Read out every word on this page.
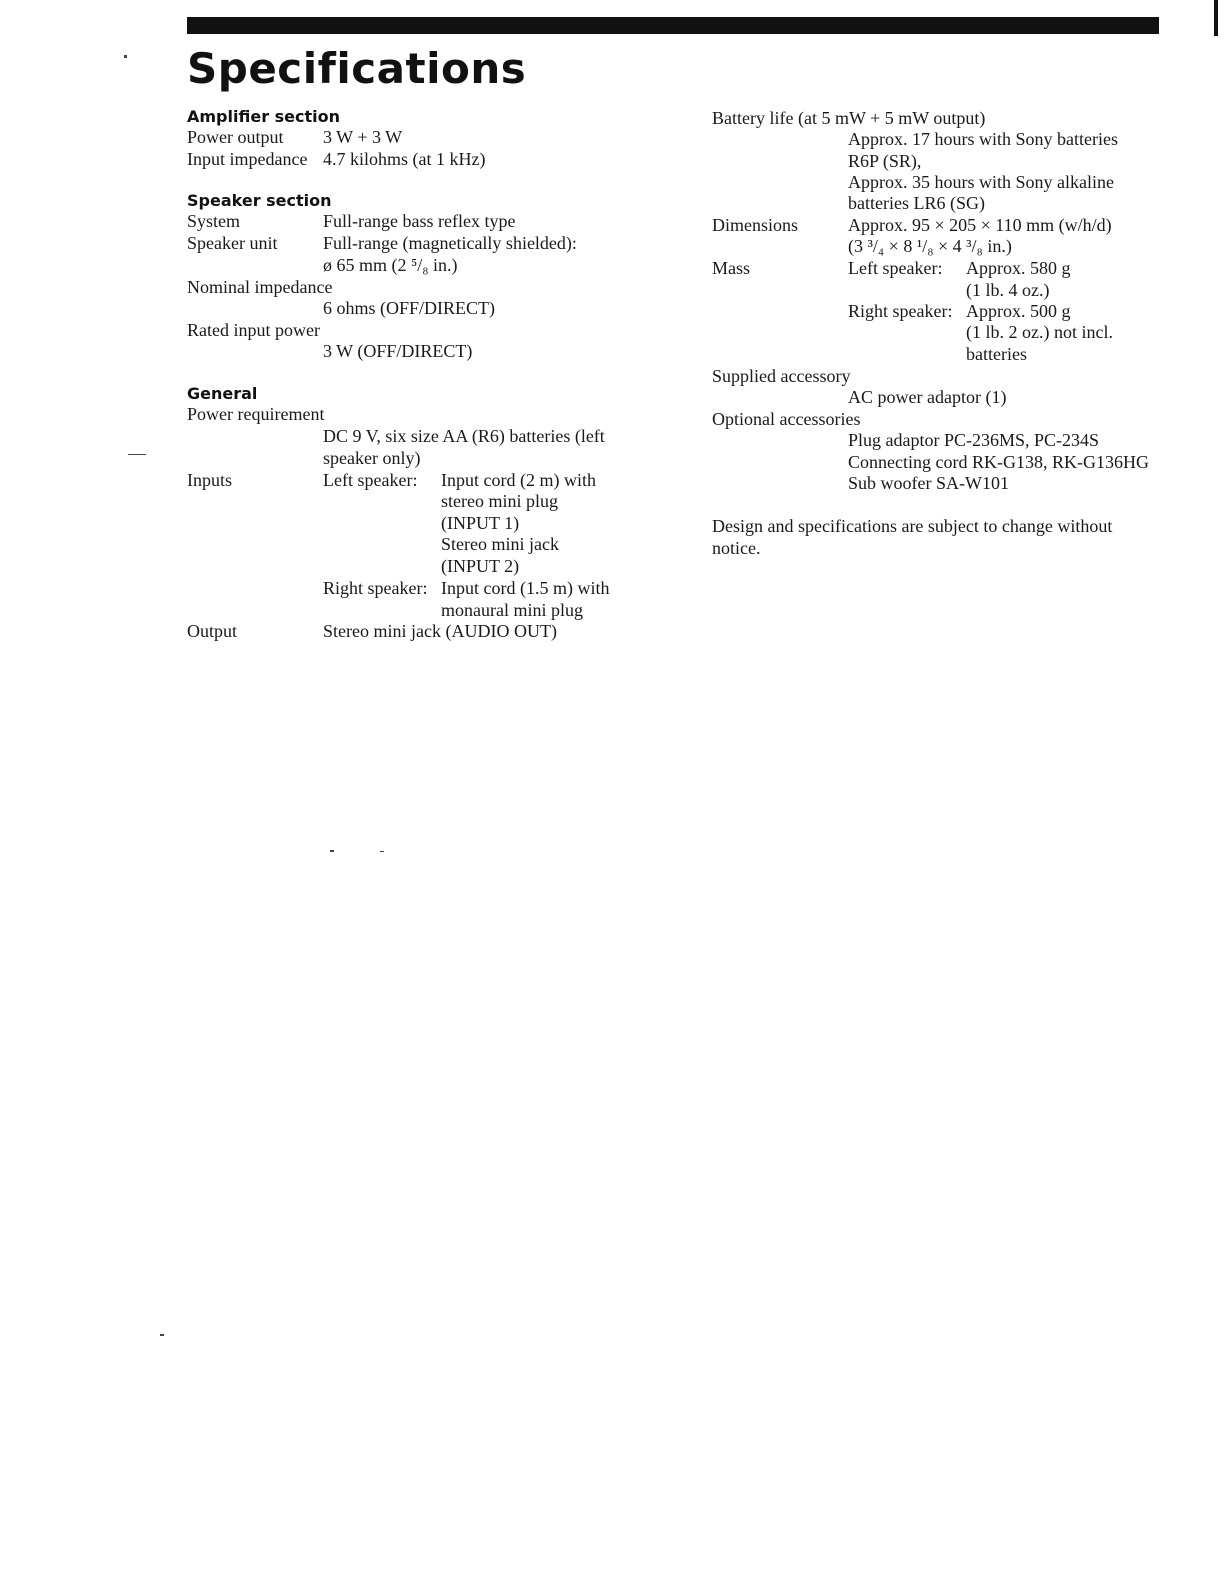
Specifications
Amplifier section
Power output 3 W + 3 W
Input impedance 4.7 kilohms (at 1 kHz)
Speaker section
System	Full-range bass reflex type
Speaker unit	Full-range (magnetically shielded):
ø 65 mm (2 ⁵/₈ in.)
Nominal impedance
6 ohms (OFF/DIRECT)
Rated input power
3 W (OFF/DIRECT)
General
Power requirement
DC 9 V, six size AA (R6) batteries (left
speaker only)
Inputs	Left speaker: Input cord (2 m) with
stereo mini plug
(INPUT 1)
Stereo mini jack
(INPUT 2)
Right speaker: Input cord (1.5 m) with
monaural mini plug
Output	Stereo mini jack (AUDIO OUT)
Battery life (at 5 mW + 5 mW output)
Approx. 17 hours with Sony batteries
R6P (SR),
Approx. 35 hours with Sony alkaline
batteries LR6 (SG)
Dimensions	Approx. 95 × 205 × 110 mm (w/h/d)
(3 ³/₄ × 8 ¹/₈ × 4 ³/₈ in.)
Mass	Left speaker: Approx. 580 g
(1 lb. 4 oz.)
Right speaker: Approx. 500 g
(1 lb. 2 oz.) not incl.
batteries
Supplied accessory
AC power adaptor (1)
Optional accessories
Plug adaptor PC-236MS, PC-234S
Connecting cord RK-G138, RK-G136HG
Sub woofer SA-W101
Design and specifications are subject to change without
notice.
